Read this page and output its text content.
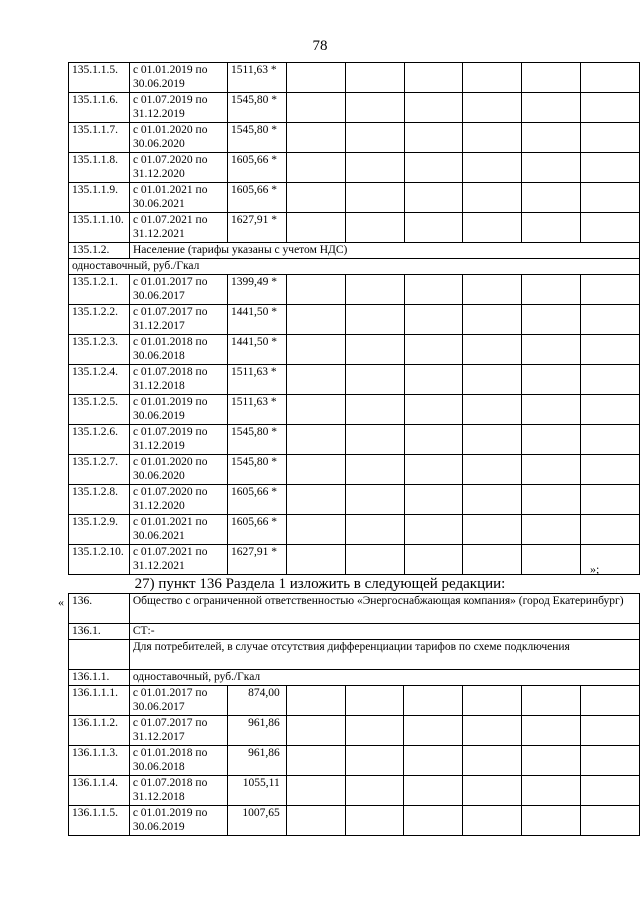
78
135.1.1.5.	с 01.01.2019 по 30.06.2019	1511,63 *						
135.1.1.6.	с 01.07.2019 по 31.12.2019	1545,80 *						
135.1.1.7.	с 01.01.2020 по 30.06.2020	1545,80 *						
135.1.1.8.	с 01.07.2020 по 31.12.2020	1605,66 *						
135.1.1.9.	с 01.01.2021 по 30.06.2021	1605,66 *						
135.1.1.10.	с 01.07.2021 по 31.12.2021	1627,91 *						
135.1.2.	Население (тарифы указаны с учетом НДС)							
одноставочный, руб./Гкал								
135.1.2.1.	с 01.01.2017 по 30.06.2017	1399,49 *						
135.1.2.2.	с 01.07.2017 по 31.12.2017	1441,50 *						
135.1.2.3.	с 01.01.2018 по 30.06.2018	1441,50 *						
135.1.2.4.	с 01.07.2018 по 31.12.2018	1511,63 *						
135.1.2.5.	с 01.01.2019 по 30.06.2019	1511,63 *						
135.1.2.6.	с 01.07.2019 по 31.12.2019	1545,80 *						
135.1.2.7.	с 01.01.2020 по 30.06.2020	1545,80 *						
135.1.2.8.	с 01.07.2020 по 31.12.2020	1605,66 *						
135.1.2.9.	с 01.01.2021 по 30.06.2021	1605,66 *						
135.1.2.10.	с 01.07.2021 по 31.12.2021	1627,91 *						
»;
27) пункт 136 Раздела 1 изложить в следующей редакции:
« 136.	Общество с ограниченной ответственностью «Энергоснабжающая компания» (город Екатеринбург)							
136.1.	СТ:-							
	Для потребителей, в случае отсутствия дифференциации тарифов по схеме подключения							
136.1.1.	одноставочный, руб./Гкал							
136.1.1.1.	с 01.01.2017 по 30.06.2017	874,00						
136.1.1.2.	с 01.07.2017 по 31.12.2017	961,86						
136.1.1.3.	с 01.01.2018 по 30.06.2018	961,86						
136.1.1.4.	с 01.07.2018 по 31.12.2018	1055,11						
136.1.1.5.	с 01.01.2019 по 30.06.2019	1007,65						
